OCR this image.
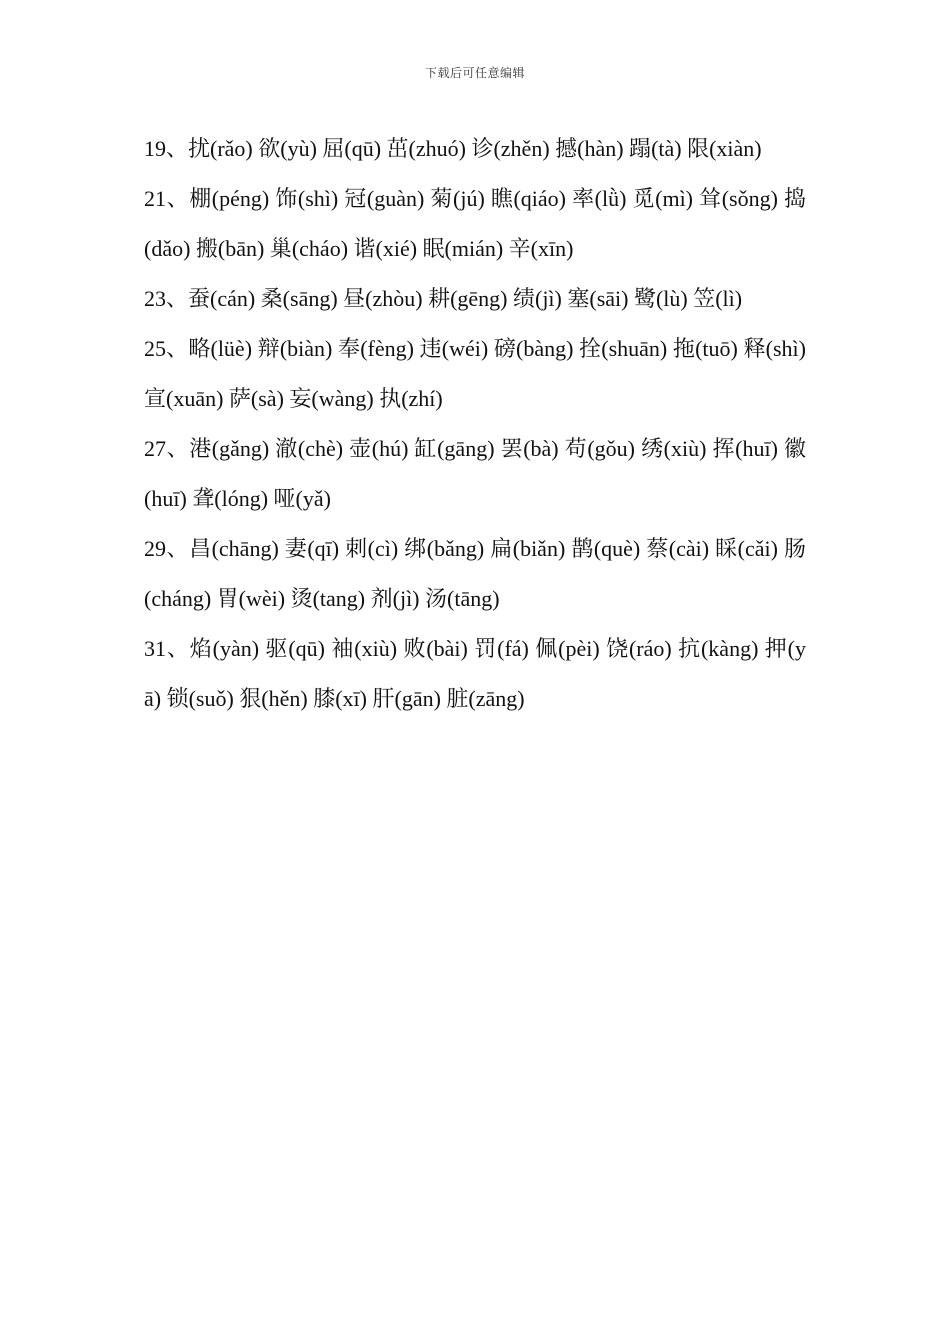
下载后可任意编辑

19、扰(rǎo) 欲(yù) 屈(qū) 茁(zhuó) 诊(zhěn) 撼(hàn) 蹋(tà) 限(xiàn)

21、棚(péng) 饰(shì) 冠(guàn) 菊(jú) 瞧(qiáo) 率(lǜ) 觅(mì) 耸(sǒng) 捣(dǎo) 搬(bān) 巢(cháo) 谐(xié) 眠(mián) 辛(xīn)

23、蚕(cán) 桑(sāng) 昼(zhòu) 耕(gēng) 绩(jì) 塞(sāi) 鹭(lù) 笠(lì)

25、略(lüè) 辩(biàn) 奉(fèng) 违(wéi) 磅(bàng) 拴(shuān) 拖(tuō) 释(shì) 宣(xuān) 萨(sà) 妄(wàng) 执(zhí)

27、港(gǎng) 澈(chè) 壶(hú) 缸(gāng) 罢(bà) 苟(gǒu) 绣(xiù) 挥(huī) 徽(huī) 聋(lóng) 哑(yǎ)

29、昌(chāng) 妻(qī) 刺(cì) 绑(bǎng) 扁(biǎn) 鹊(què) 蔡(cài) 睬(cǎi) 肠(cháng) 胃(wèi) 烫(tang) 剂(jì) 汤(tāng)

31、焰(yàn) 驱(qū) 袖(xiù) 败(bài) 罚(fá) 佩(pèi) 饶(ráo) 抗(kàng) 押(yā) 锁(suǒ) 狠(hěn) 膝(xī) 肝(gān) 脏(zāng)
